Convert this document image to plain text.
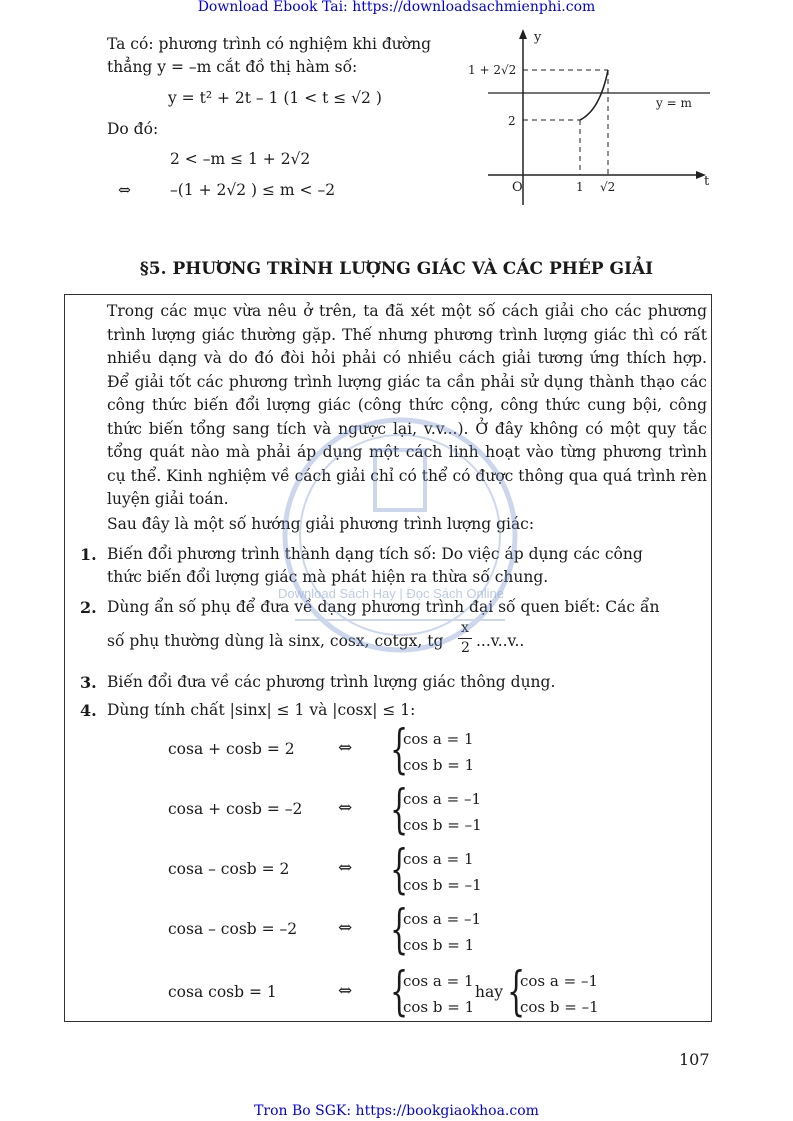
Download Ebook Tai: https://downloadsachmienphi.com
Ta có: phương trình có nghiệm khi đường
thẳng y = –m cắt đồ thị hàm số:
y = t² + 2t – 1 (1 < t ≤ √2 )
Do đó:
2 < –m ≤ 1 + 2√2
⇔	–(1 + 2√2 ) ≤ m < –2
y
t
O
1 + 2√2
2
1 √2
y = m
§5. PHƯƠNG TRÌNH LƯỢNG GIÁC VÀ CÁC PHÉP GIẢI
Trong các mục vừa nêu ở trên, ta đã xét một số cách giải cho các phương trình lượng giác thường gặp. Thế nhưng phương trình lượng giác thì có rất nhiều dạng và do đó đòi hỏi phải có nhiều cách giải tương ứng thích hợp. Để giải tốt các phương trình lượng giác ta cần phải sử dụng thành thạo các công thức biến đổi lượng giác (công thức cộng, công thức cung bội, công thức biến tổng sang tích và ngược lại, v.v...). Ở đây không có một quy tắc tổng quát nào mà phải áp dụng một cách linh hoạt vào từng phương trình cụ thể. Kinh nghiệm về cách giải chỉ có thể có được thông qua quá trình rèn luyện giải toán.
Sau đây là một số hướng giải phương trình lượng giác:
1. Biến đổi phương trình thành dạng tích số: Do việc áp dụng các công
thức biến đổi lượng giác mà phát hiện ra thừa số chung.
2. Dùng ẩn số phụ để đưa về dạng phương trình đại số quen biết: Các ẩn
số phụ thường dùng là sinx, cosx, cotgx, tg
x
2 ...v..v..
3. Biến đổi đưa về các phương trình lượng giác thông dụng.
4. Dùng tính chất |sinx| ≤ 1 và |cosx| ≤ 1:
cosa + cosb = 2	⇔ {
cos a = 1
cos b = 1
cosa + cosb = –2 ⇔ {
cos a = –1
cos b = –1
cosa – cosb = 2	⇔ {
cos a = 1
cos b = –1
cosa – cosb = –2 ⇔ {
cos a = –1
cos b = 1
cosa cosb = 1	⇔ {
cos a = 1
cos b = 1
hay {
cos a = –1
cos b = –1
Download Sách Hay | Đọc Sách Online
107
Tron Bo SGK: https://bookgiaokhoa.com
